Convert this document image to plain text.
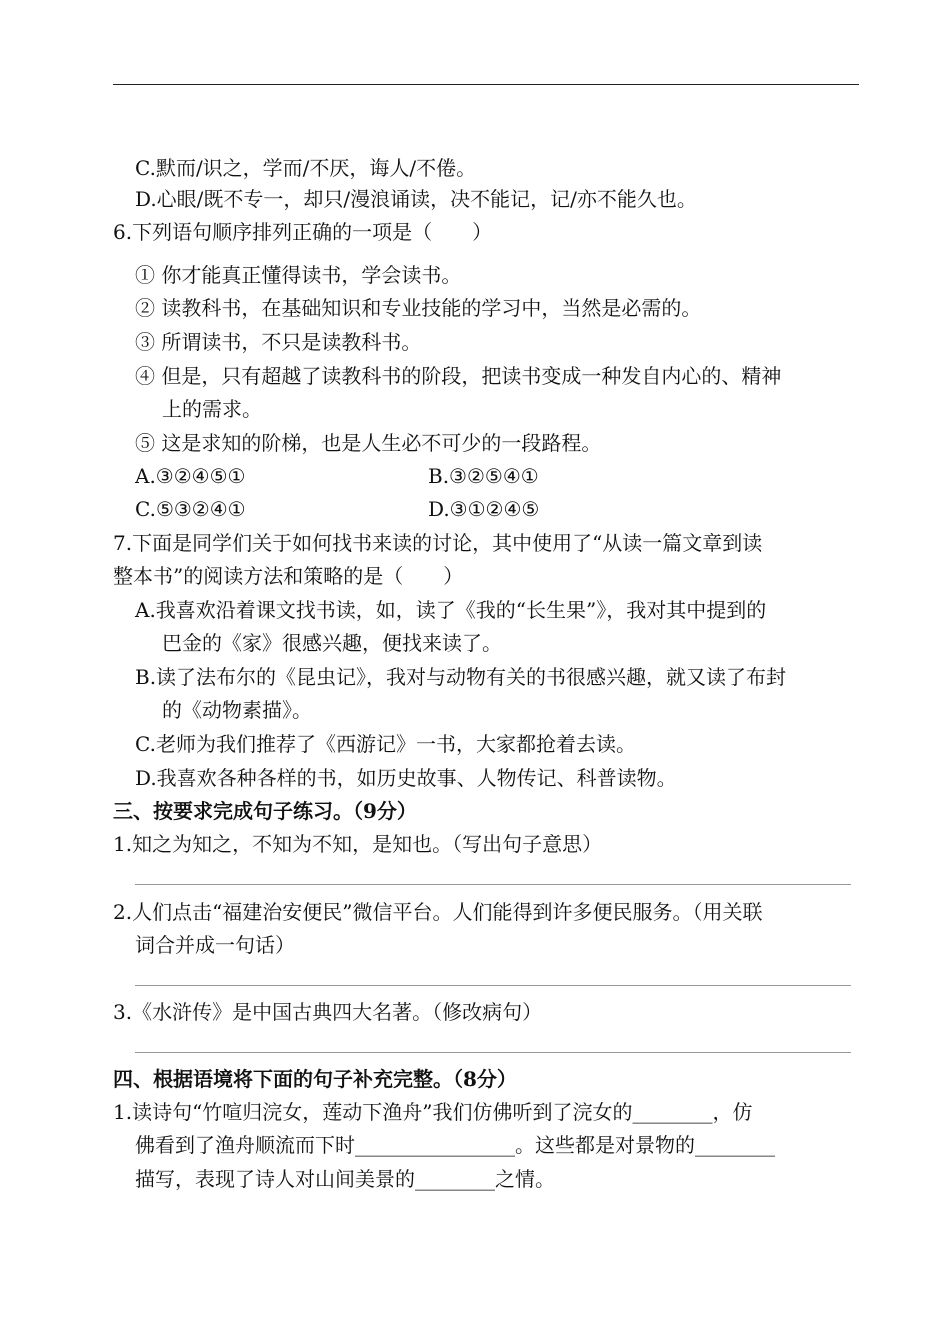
C.默而/识之，学而/不厌，诲人/不倦。
D.心眼/既不专一，却只/漫浪诵读，决不能记，记/亦不能久也。
6.下列语句顺序排列正确的一项是（　　）
① 你才能真正懂得读书，学会读书。
② 读教科书，在基础知识和专业技能的学习中，当然是必需的。
③ 所谓读书，不只是读教科书。
④ 但是，只有超越了读教科书的阶段，把读书变成一种发自内心的、精神
上的需求。
⑤ 这是求知的阶梯，也是人生必不可少的一段路程。
A.③②④⑤①	B.③②⑤④①
C.⑤③②④①	D.③①②④⑤
7.下面是同学们关于如何找书来读的讨论，其中使用了“从读一篇文章到读
整本书”的阅读方法和策略的是（　　）
A.我喜欢沿着课文找书读，如，读了《我的“长生果”》，我对其中提到的
巴金的《家》很感兴趣，便找来读了。
B.读了法布尔的《昆虫记》，我对与动物有关的书很感兴趣，就又读了布封
的《动物素描》。
C.老师为我们推荐了《西游记》一书，大家都抢着去读。
D.我喜欢各种各样的书，如历史故事、人物传记、科普读物。
三、按要求完成句子练习。（9分）
1.知之为知之，不知为不知，是知也。（写出句子意思）
2.人们点击“福建治安便民”微信平台。人们能得到许多便民服务。（用关联
词合并成一句话）
3.《水浒传》是中国古典四大名著。（修改病句）
四、根据语境将下面的句子补充完整。（8分）
1.读诗句“竹喧归浣女，莲动下渔舟”我们仿佛听到了浣女的________，仿
佛看到了渔舟顺流而下时________________。这些都是对景物的________
描写，表现了诗人对山间美景的________之情。
